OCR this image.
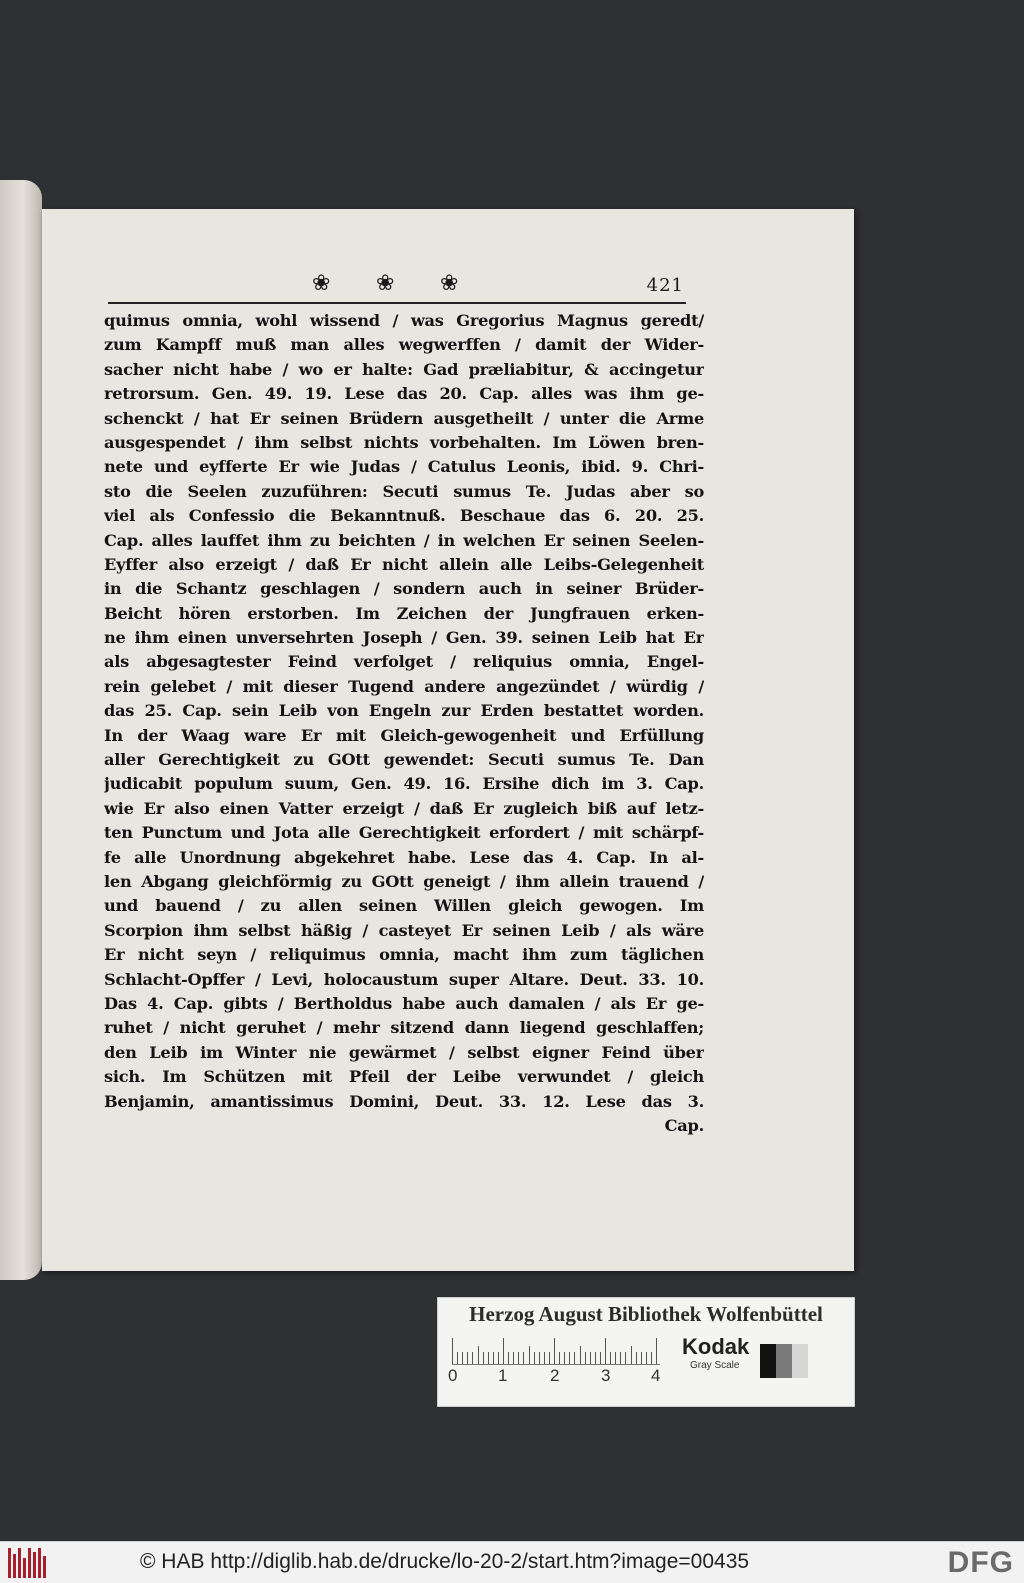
❀ ❀ ❀	421
quimus omnia, wohl wissend / was Gregorius Magnus geredt/
zum Kampff muß man alles wegwerffen / damit der Wider-
sacher nicht habe / wo er halte: Gad præliabitur, & accingetur
retrorsum. Gen. 49. 19. Lese das 20. Cap. alles was ihm ge-
schenckt / hat Er seinen Brüdern ausgetheilt / unter die Arme
ausgespendet / ihm selbst nichts vorbehalten. Im Löwen bren-
nete und eyfferte Er wie Judas / Catulus Leonis, ibid. 9. Chri-
sto die Seelen zuzuführen: Secuti sumus Te. Judas aber so
viel als Confessio die Bekanntnuß. Beschaue das 6. 20. 25.
Cap. alles lauffet ihm zu beichten / in welchen Er seinen Seelen-
Eyffer also erzeigt / daß Er nicht allein alle Leibs-Gelegenheit
in die Schantz geschlagen / sondern auch in seiner Brüder-
Beicht hören erstorben. Im Zeichen der Jungfrauen erken-
ne ihm einen unversehrten Joseph / Gen. 39. seinen Leib hat Er
als abgesagtester Feind verfolget / reliquius omnia, Engel-
rein gelebet / mit dieser Tugend andere angezündet / würdig /
das 25. Cap. sein Leib von Engeln zur Erden bestattet worden.
In der Waag ware Er mit Gleich-gewogenheit und Erfüllung
aller Gerechtigkeit zu GOtt gewendet: Secuti sumus Te. Dan
judicabit populum suum, Gen. 49. 16. Ersihe dich im 3. Cap.
wie Er also einen Vatter erzeigt / daß Er zugleich biß auf letz-
ten Punctum und Jota alle Gerechtigkeit erfordert / mit schärpf-
fe alle Unordnung abgekehret habe. Lese das 4. Cap. In al-
len Abgang gleichförmig zu GOtt geneigt / ihm allein trauend /
und bauend / zu allen seinen Willen gleich gewogen. Im
Scorpion ihm selbst häßig / casteyet Er seinen Leib / als wäre
Er nicht seyn / reliquimus omnia, macht ihm zum täglichen
Schlacht-Opffer / Levi, holocaustum super Altare. Deut. 33. 10.
Das 4. Cap. gibts / Bertholdus habe auch damalen / als Er ge-
ruhet / nicht geruhet / mehr sitzend dann liegend geschlaffen;
den Leib im Winter nie gewärmet / selbst eigner Feind über
sich. Im Schützen mit Pfeil der Leibe verwundet / gleich
Benjamin, amantissimus Domini, Deut. 33. 12. Lese das 3.
Cap.
Herzog August Bibliothek Wolfenbüttel
0 1	2 3 4
Kodak
Gray Scale
© HAB http://diglib.hab.de/drucke/lo-20-2/start.htm?image=00435	DFG
